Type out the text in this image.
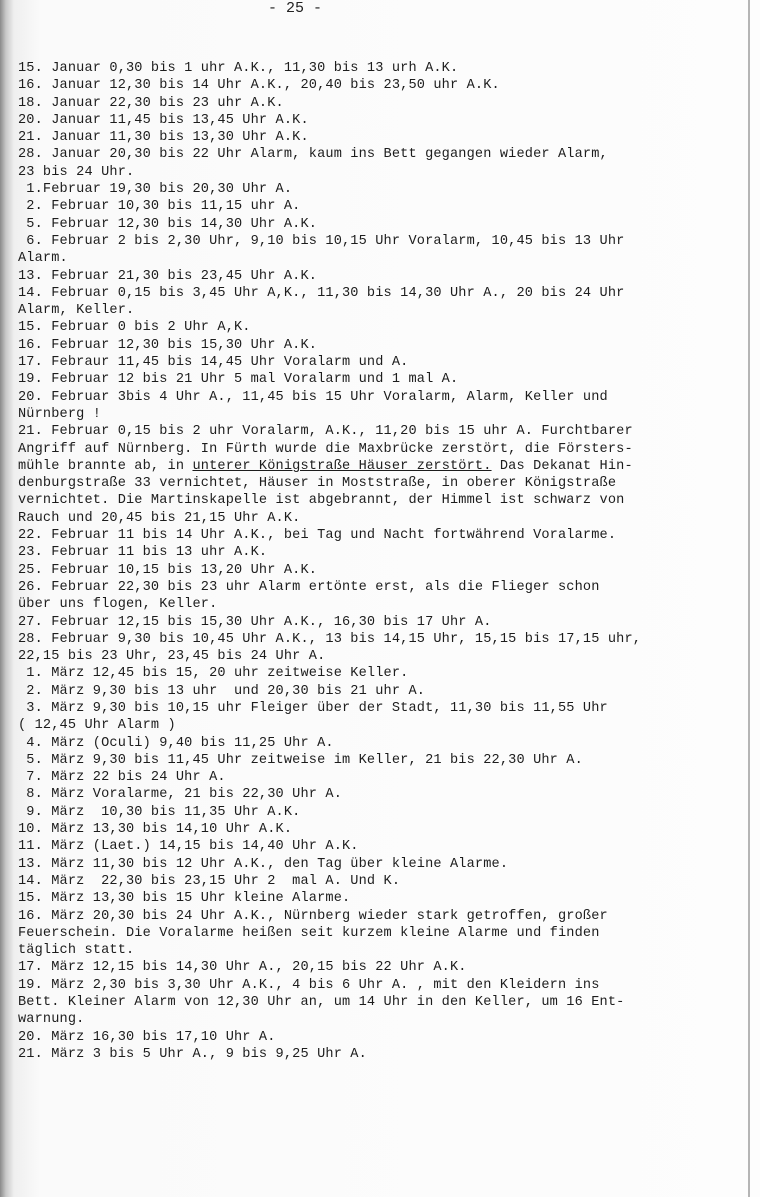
- 25 -
15. Januar 0,30 bis 1 uhr A.K., 11,30 bis 13 urh A.K.
16. Januar 12,30 bis 14 Uhr A.K., 20,40 bis 23,50 uhr A.K.
18. Januar 22,30 bis 23 uhr A.K.
20. Januar 11,45 bis 13,45 Uhr A.K.
21. Januar 11,30 bis 13,30 Uhr A.K.
28. Januar 20,30 bis 22 Uhr Alarm, kaum ins Bett gegangen wieder Alarm,
23 bis 24 Uhr.
1.Februar 19,30 bis 20,30 Uhr A.
2. Februar 10,30 bis 11,15 uhr A.
5. Februar 12,30 bis 14,30 Uhr A.K.
6. Februar 2 bis 2,30 Uhr, 9,10 bis 10,15 Uhr Voralarm, 10,45 bis 13 Uhr
Alarm.
13. Februar 21,30 bis 23,45 Uhr A.K.
14. Februar 0,15 bis 3,45 Uhr A,K., 11,30 bis 14,30 Uhr A., 20 bis 24 Uhr
Alarm, Keller.
15. Februar 0 bis 2 Uhr A,K.
16. Februar 12,30 bis 15,30 Uhr A.K.
17. Febraur 11,45 bis 14,45 Uhr Voralarm und A.
19. Februar 12 bis 21 Uhr 5 mal Voralarm und 1 mal A.
20. Februar 3bis 4 Uhr A., 11,45 bis 15 Uhr Voralarm, Alarm, Keller und
Nürnberg !
21. Februar 0,15 bis 2 uhr Voralarm, A.K., 11,20 bis 15 uhr A. Furchtbarer
Angriff auf Nürnberg. In Fürth wurde die Maxbrücke zerstört, die Försters-
mühle brannte ab, in unterer Königstraße Häuser zerstört. Das Dekanat Hin-
denburgstraße 33 vernichtet, Häuser in Moststraße, in oberer Königstraße
vernichtet. Die Martinskapelle ist abgebrannt, der Himmel ist schwarz von
Rauch und 20,45 bis 21,15 Uhr A.K.
22. Februar 11 bis 14 Uhr A.K., bei Tag und Nacht fortwährend Voralarme.
23. Februar 11 bis 13 uhr A.K.
25. Februar 10,15 bis 13,20 Uhr A.K.
26. Februar 22,30 bis 23 uhr Alarm ertönte erst, als die Flieger schon
über uns flogen, Keller.
27. Februar 12,15 bis 15,30 Uhr A.K., 16,30 bis 17 Uhr A.
28. Februar 9,30 bis 10,45 Uhr A.K., 13 bis 14,15 Uhr, 15,15 bis 17,15 uhr,
22,15 bis 23 Uhr, 23,45 bis 24 Uhr A.
1. März 12,45 bis 15, 20 uhr zeitweise Keller.
2. März 9,30 bis 13 uhr  und 20,30 bis 21 uhr A.
3. März 9,30 bis 10,15 uhr Fleiger über der Stadt, 11,30 bis 11,55 Uhr
( 12,45 Uhr Alarm )
4. März (Oculi) 9,40 bis 11,25 Uhr A.
5. März 9,30 bis 11,45 Uhr zeitweise im Keller, 21 bis 22,30 Uhr A.
7. März 22 bis 24 Uhr A.
8. März Voralarme, 21 bis 22,30 Uhr A.
9. März  10,30 bis 11,35 Uhr A.K.
10. März 13,30 bis 14,10 Uhr A.K.
11. März (Laet.) 14,15 bis 14,40 Uhr A.K.
13. März 11,30 bis 12 Uhr A.K., den Tag über kleine Alarme.
14. März  22,30 bis 23,15 Uhr 2  mal A. Und K.
15. März 13,30 bis 15 Uhr kleine Alarme.
16. März 20,30 bis 24 Uhr A.K., Nürnberg wieder stark getroffen, großer
Feuerschein. Die Voralarme heißen seit kurzem kleine Alarme und finden
täglich statt.
17. März 12,15 bis 14,30 Uhr A., 20,15 bis 22 Uhr A.K.
19. März 2,30 bis 3,30 Uhr A.K., 4 bis 6 Uhr A. , mit den Kleidern ins
Bett. Kleiner Alarm von 12,30 Uhr an, um 14 Uhr in den Keller, um 16 Ent-
warnung.
20. März 16,30 bis 17,10 Uhr A.
21. März 3 bis 5 Uhr A., 9 bis 9,25 Uhr A.
